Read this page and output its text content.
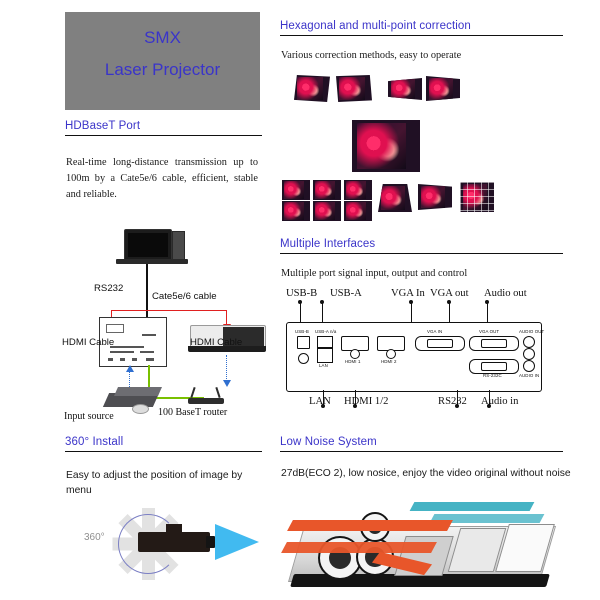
SMX
Laser Projector
HDBaseT Port
Real-time long-distance transmission up to 100m by a Cate5e/6 cable, efficient, stable and reliable.
RS232
Cate5e/6 cable
HDMI Cable	HDMI Cable
Input source	100 BaseT router
360° Install
Easy to adjust the position of image by menu
360°
Hexagonal and multi-point correction
Various correction methods, easy to operate
Multiple Interfaces
Multiple port signal input, output and control
USB-B USB-A	VGA In VGA out Audio out
USB-B USB-A n/a
LAN
HDMI 1	HDMI 2
VGA IN	VGA OUT
RS-232C
AUDIO OUT
AUDIO IN
LAN HDMI 1/2	RS232 Audio in
Low Noise System
27dB(ECO 2), low nosice, enjoy the video original without noise
